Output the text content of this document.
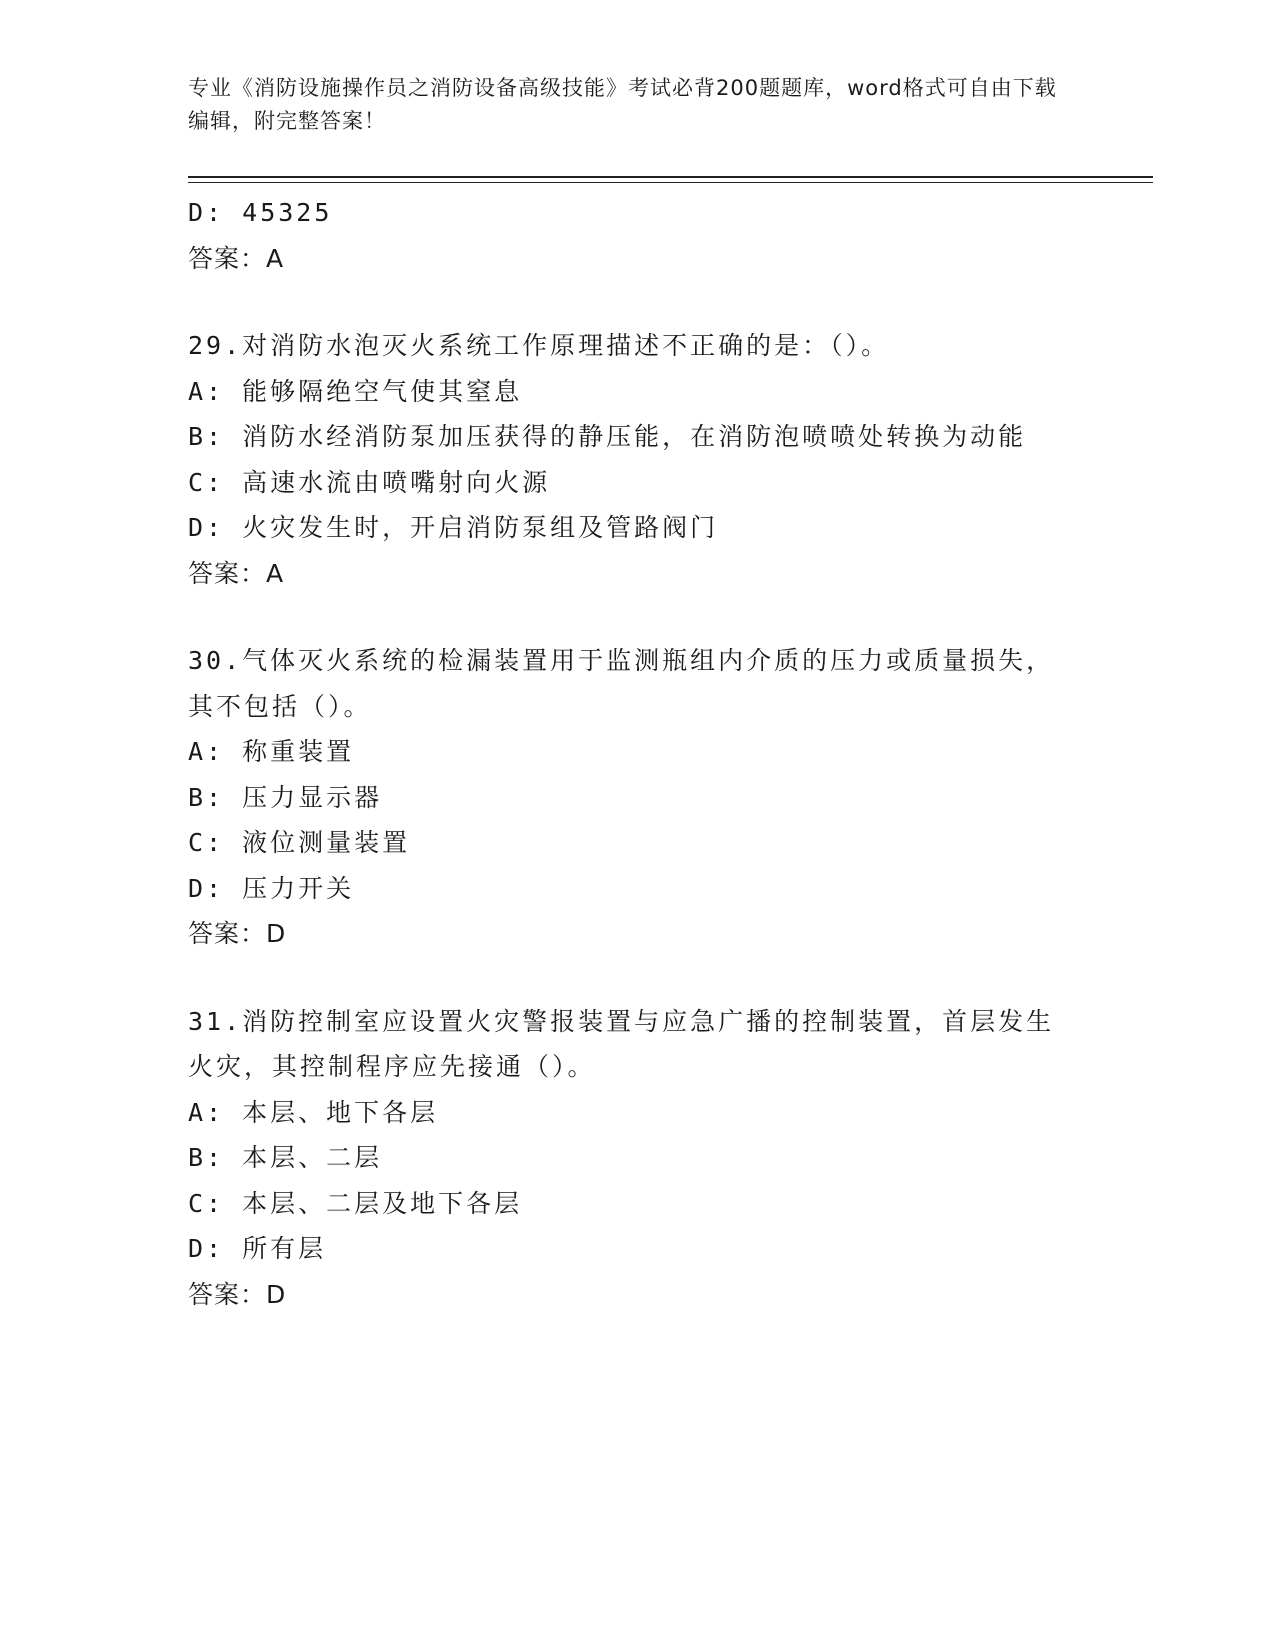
专业《消防设施操作员之消防设备高级技能》考试必背200题题库，word格式可自由下载编辑，附完整答案！
D: 45325
答案：A
29.对消防水泡灭火系统工作原理描述不正确的是：（）。
A: 能够隔绝空气使其窒息
B: 消防水经消防泵加压获得的静压能，在消防泡喷喷处转换为动能
C: 高速水流由喷嘴射向火源
D: 火灾发生时，开启消防泵组及管路阀门
答案：A
30.气体灭火系统的检漏装置用于监测瓶组内介质的压力或质量损失，其不包括（）。
A: 称重装置
B: 压力显示器
C: 液位测量装置
D: 压力开关
答案：D
31.消防控制室应设置火灾警报装置与应急广播的控制装置，首层发生火灾，其控制程序应先接通（）。
A: 本层、地下各层
B: 本层、二层
C: 本层、二层及地下各层
D: 所有层
答案：D
